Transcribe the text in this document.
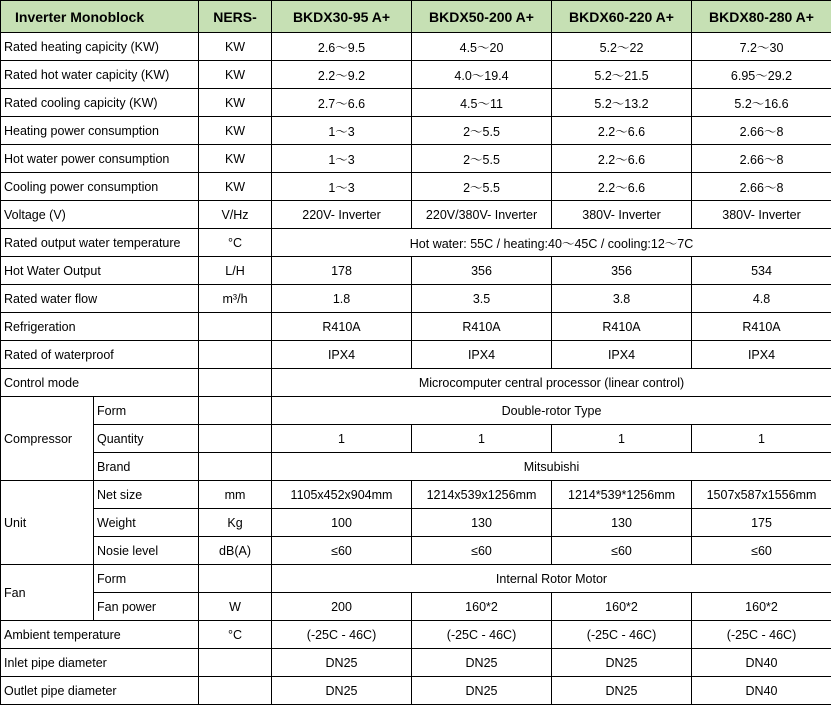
Inverter Monoblock		NERS-	BKDX30-95 A+	BKDX50-200 A+	BKDX60-220 A+	BKDX80-280 A+
Rated heating capicity (KW)		KW	2.6～9.5	4.5～20	5.2～22	7.2～30
Rated hot water capicity (KW)		KW	2.2～9.2	4.0～19.4	5.2～21.5	6.95～29.2
Rated cooling capicity (KW)		KW	2.7～6.6	4.5～11	5.2～13.2	5.2～16.6
Heating power consumption		KW	1～3	2～5.5	2.2～6.6	2.66～8
Hot water power consumption		KW	1～3	2～5.5	2.2～6.6	2.66～8
Cooling power consumption		KW	1～3	2～5.5	2.2～6.6	2.66～8
Voltage (V)		V/Hz	220V- Inverter	220V/380V- Inverter	380V- Inverter	380V- Inverter
Rated output water temperature		°C	Hot water: 55C / heating:40～45C / cooling:12～7C			
Hot Water Output		L/H	178	356	356	534
Rated water flow		m³/h	1.8	3.5	3.8	4.8
Refrigeration			R410A	R410A	R410A	R410A
Rated of waterproof			IPX4	IPX4	IPX4	IPX4
Control mode			Microcomputer central processor (linear control)			
Compressor	Form		Double-rotor Type			
	Quantity		1	1	1	1
	Brand		Mitsubishi			
Unit	Net size	mm	1105x452x904mm	1214x539x1256mm	1214*539*1256mm	1507x587x1556mm
	Weight	Kg	100	130	130	175
	Nosie level	dB(A)	≤60	≤60	≤60	≤60
Fan	Form		Internal Rotor Motor			
	Fan power	W	200	160*2	160*2	160*2
Ambient temperature		°C	(-25C - 46C)	(-25C - 46C)	(-25C - 46C)	(-25C - 46C)
Inlet pipe diameter			DN25	DN25	DN25	DN40
Outlet pipe diameter			DN25	DN25	DN25	DN40
